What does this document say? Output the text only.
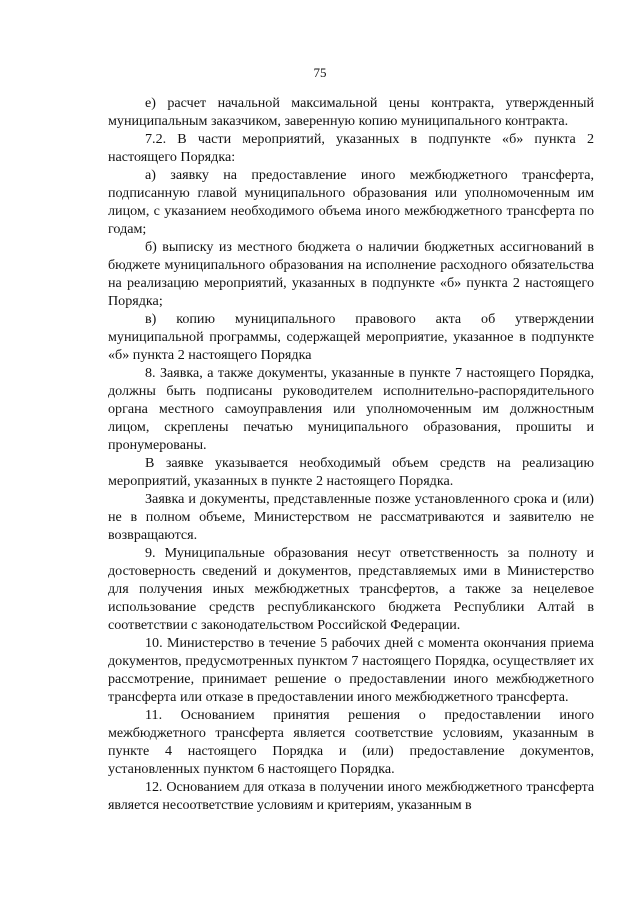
75

е) расчет начальной максимальной цены контракта, утвержденный муниципальным заказчиком, заверенную копию муниципального контракта.

7.2. В части мероприятий, указанных в подпункте «б» пункта 2 настоящего Порядка:

а) заявку на предоставление иного межбюджетного трансферта, подписанную главой муниципального образования или уполномоченным им лицом, с указанием необходимого объема иного межбюджетного трансферта по годам;

б) выписку из местного бюджета о наличии бюджетных ассигнований в бюджете муниципального образования на исполнение расходного обязательства на реализацию мероприятий, указанных в подпункте «б» пункта 2 настоящего Порядка;

в) копию муниципального правового акта об утверждении муниципальной программы, содержащей мероприятие, указанное в подпункте «б» пункта 2 настоящего Порядка

8. Заявка, а также документы, указанные в пункте 7 настоящего Порядка, должны быть подписаны руководителем исполнительно-распорядительного органа местного самоуправления или уполномоченным им должностным лицом, скреплены печатью муниципального образования, прошиты и пронумерованы.

В заявке указывается необходимый объем средств на реализацию мероприятий, указанных в пункте 2 настоящего Порядка.

Заявка и документы, представленные позже установленного срока и (или) не в полном объеме, Министерством не рассматриваются и заявителю не возвращаются.

9. Муниципальные образования несут ответственность за полноту и достоверность сведений и документов, представляемых ими в Министерство для получения иных межбюджетных трансфертов, а также за нецелевое использование средств республиканского бюджета Республики Алтай в соответствии с законодательством Российской Федерации.

10. Министерство в течение 5 рабочих дней с момента окончания приема документов, предусмотренных пунктом 7 настоящего Порядка, осуществляет их рассмотрение, принимает решение о предоставлении иного межбюджетного трансферта или отказе в предоставлении иного межбюджетного трансферта.

11. Основанием принятия решения о предоставлении иного межбюджетного трансферта является соответствие условиям, указанным в пункте 4 настоящего Порядка и (или) предоставление документов, установленных пунктом 6 настоящего Порядка.

12. Основанием для отказа в получении иного межбюджетного трансферта является несоответствие условиям и критериям, указанным в
